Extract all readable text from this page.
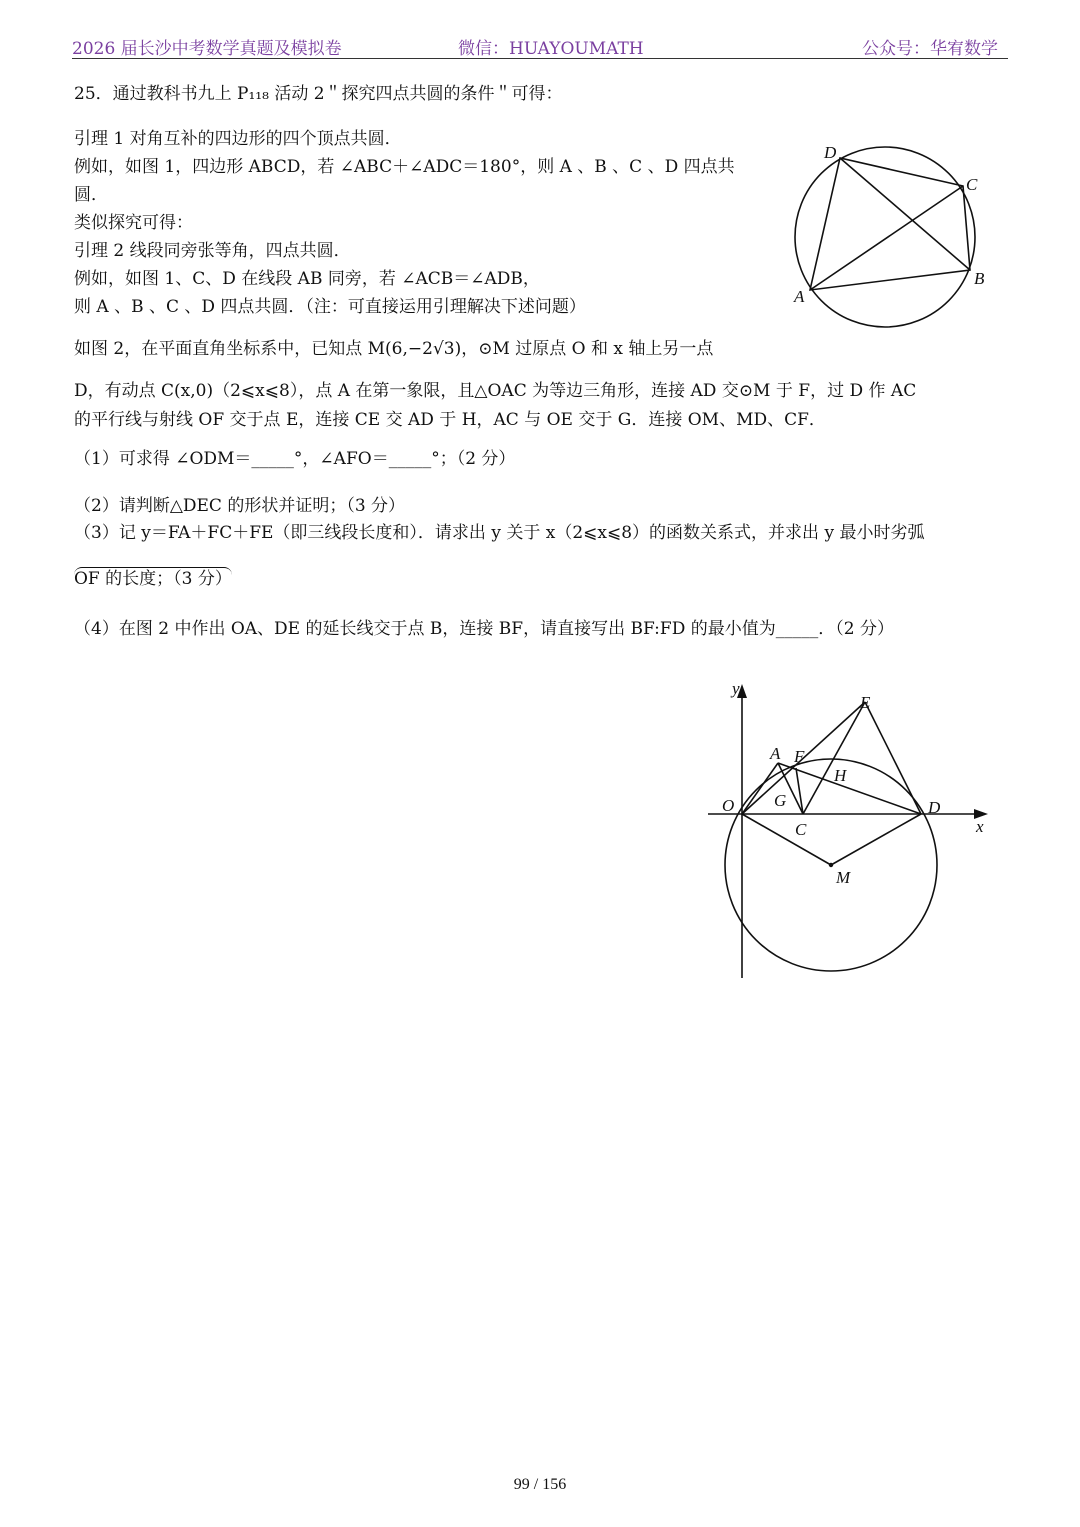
2026 届长沙中考数学真题及模拟卷	微信：HUAYOUMATH	公众号：华宥数学
25．通过教科书九上 P₁₁₈ 活动 2＂探究四点共圆的条件＂可得：
引理 1 对角互补的四边形的四个顶点共圆．
例如，如图 1，四边形 ABCD，若 ∠ABC＋∠ADC＝180°，则 A 、B 、C 、D 四点共
圆．
类似探究可得：
引理 2 线段同旁张等角，四点共圆．
例如，如图 1、C、D 在线段 AB 同旁，若 ∠ACB＝∠ADB，
则 A 、B 、C 、D 四点共圆．（注：可直接运用引理解决下述问题）
A
B
C
D
如图 2，在平面直角坐标系中，已知点 M(6,−2√3)，⊙M 过原点 O 和 x 轴上另一点
D，有动点 C(x,0)（2⩽x⩽8），点 A 在第一象限，且△OAC 为等边三角形，连接 AD 交⊙M 于 F，过 D 作 AC
的平行线与射线 OF 交于点 E，连接 CE 交 AD 于 H，AC 与 OE 交于 G．连接 OM、MD、CF．
（1）可求得 ∠ODM＝_____°，∠AFO＝_____°；（2 分）
（2）请判断△DEC 的形状并证明；（3 分）
（3）记 y＝FA＋FC＋FE（即三线段长度和）．请求出 y 关于 x（2⩽x⩽8）的函数关系式，并求出 y 最小时劣弧
OF 的长度；（3 分）
（4）在图 2 中作出 OA、DE 的延长线交于点 B，连接 BF，请直接写出 BF:FD 的最小值为_____．（2 分）
y
x
O
A F
E
H
G
C
D
M
99 / 156
